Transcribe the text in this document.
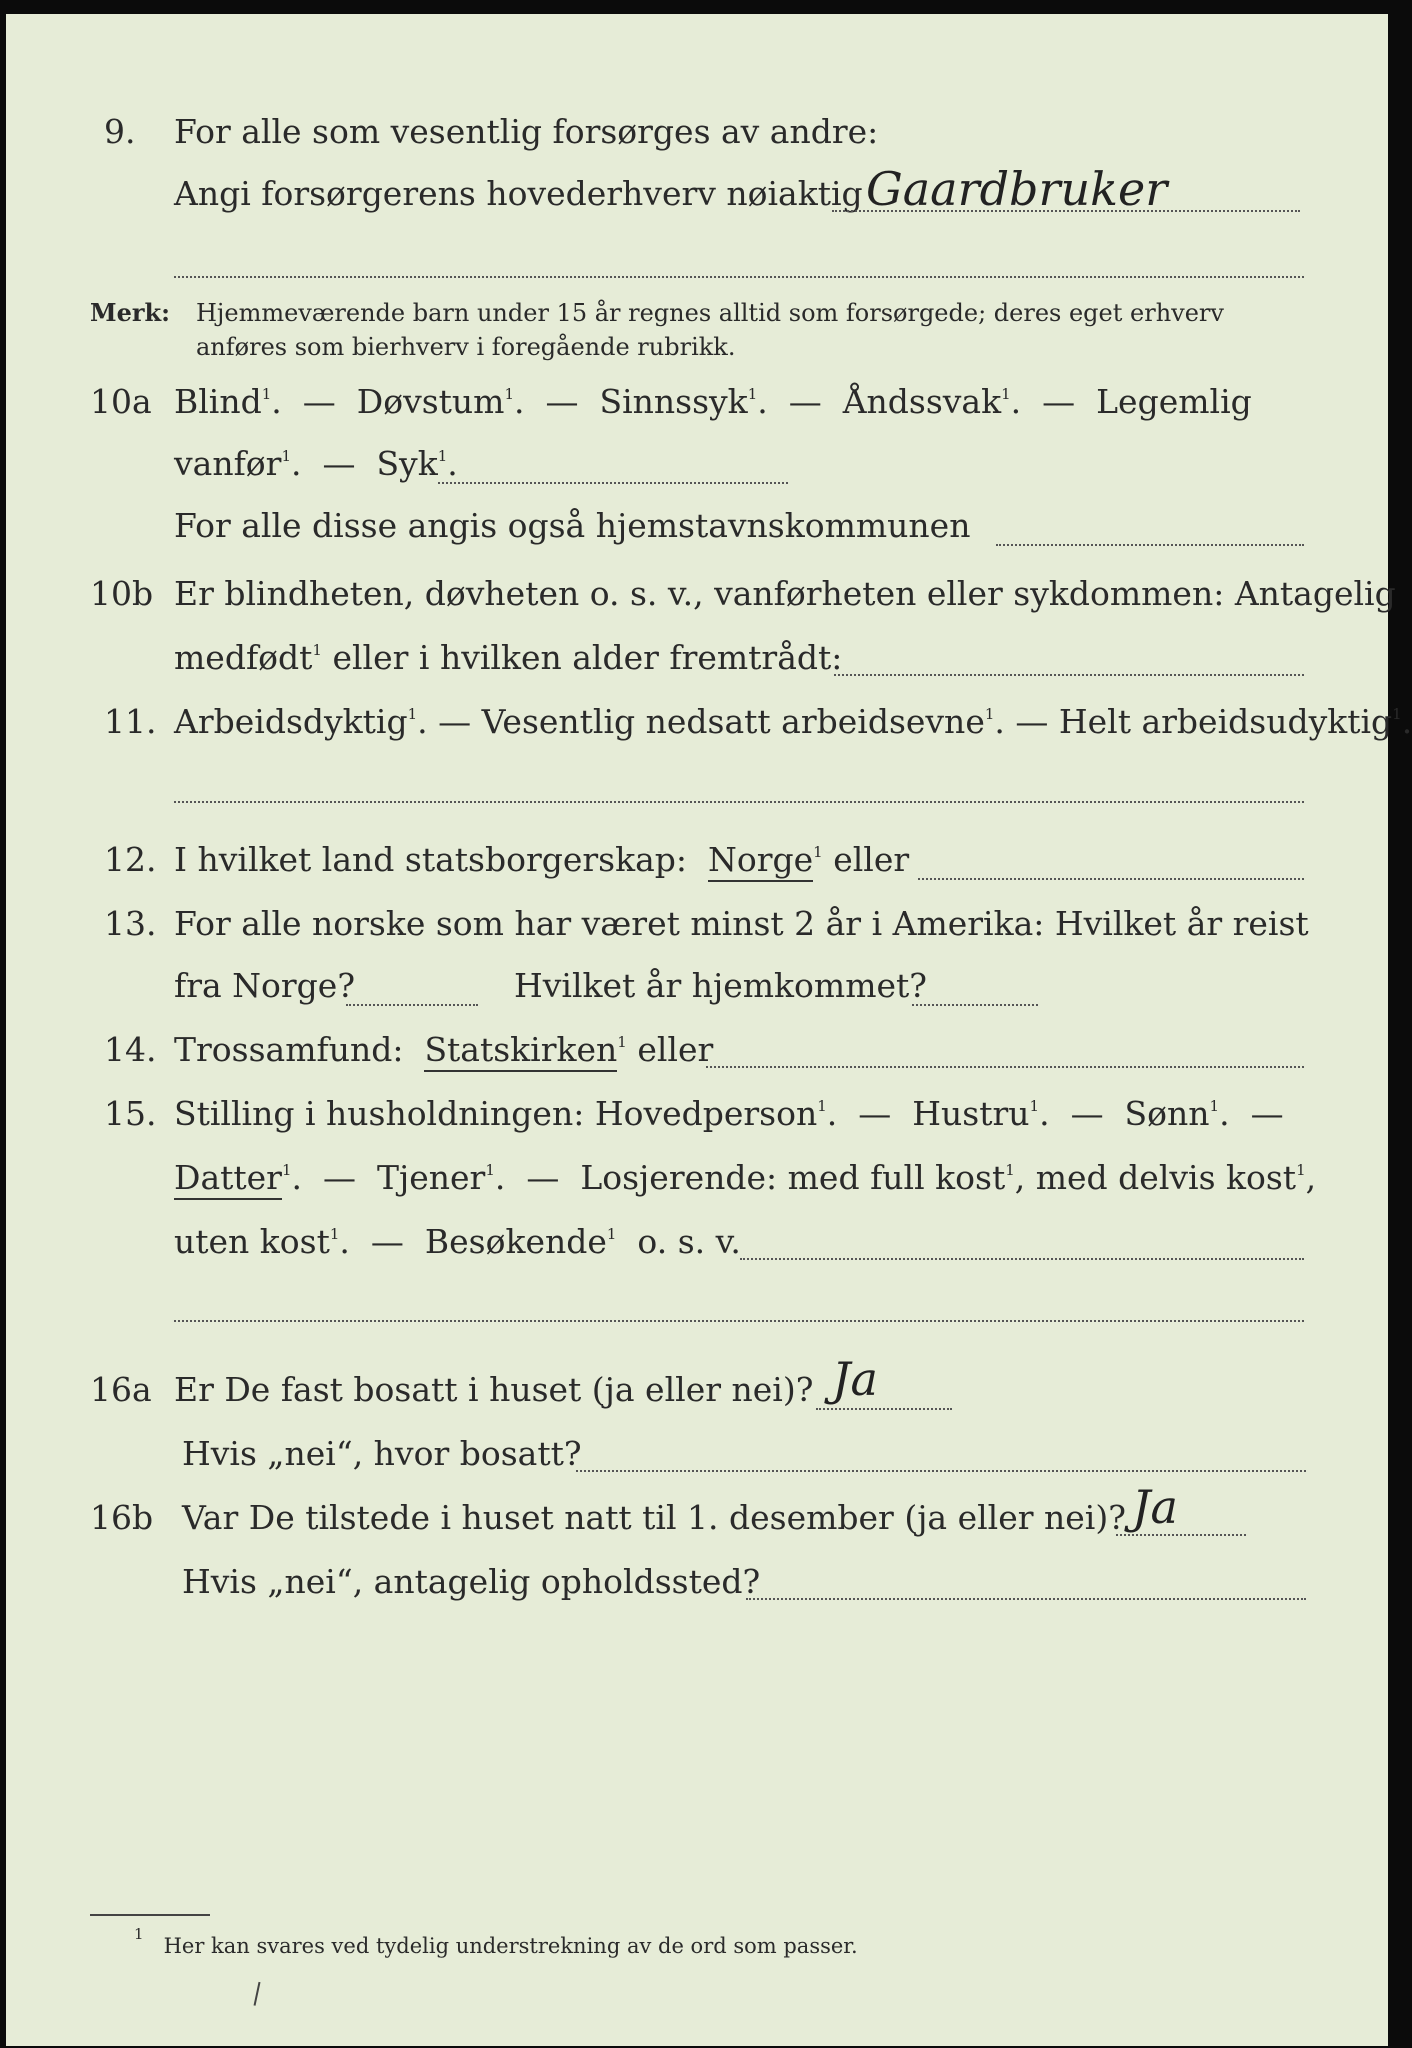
9. For alle som vesentlig forsørges av andre:
Angi forsørgerens hovederhverv nøiaktig Gaardbruker
Merk: Hjemmeværende barn under 15 år regnes alltid som forsørgede; deres eget erhverv
anføres som bierhverv i foregående rubrikk.
10a Blind$^1$.  — Døvstum$^1$.  — Sinnssyk$^1$.  — Åndssvak$^1$.  — Legemlig
vanfør$^1$.  — Syk$^1$.
For alle disse angis også hjemstavnskommunen
10b Er blindheten, døvheten o. s. v., vanførheten eller sykdommen: Antagelig
medfødt$^1$ eller i hvilken alder fremtrådt:
11. Arbeidsdyktig$^1$. — Vesentlig nedsatt arbeidsevne$^1$. — Helt arbeidsudyktig$^1$.
12. I hvilket land statsborgerskap: Norge$^1$ eller
13. For alle norske som har været minst 2 år i Amerika: Hvilket år reist
fra Norge?	Hvilket år hjemkommet?
14. Trossamfund: Statskirken$^1$ eller
15. Stilling i husholdningen: Hovedperson$^1$.  — Hustru$^1$.  — Sønn$^1$.  —
Datter$^1$.  — Tjener$^1$.  — Losjerende: med full kost$^1$, med delvis kost$^1$,
uten kost$^1$.  — Besøkende$^1$ o. s. v.
16a Er De fast bosatt i huset (ja eller nei)? Ja
Hvis „nei“, hvor bosatt?
16b Var De tilstede i huset natt til 1. desember (ja eller nei)? Ja
Hvis „nei“, antagelig opholdssted?
$^1$ Her kan svares ved tydelig understrekning av de ord som passer.
